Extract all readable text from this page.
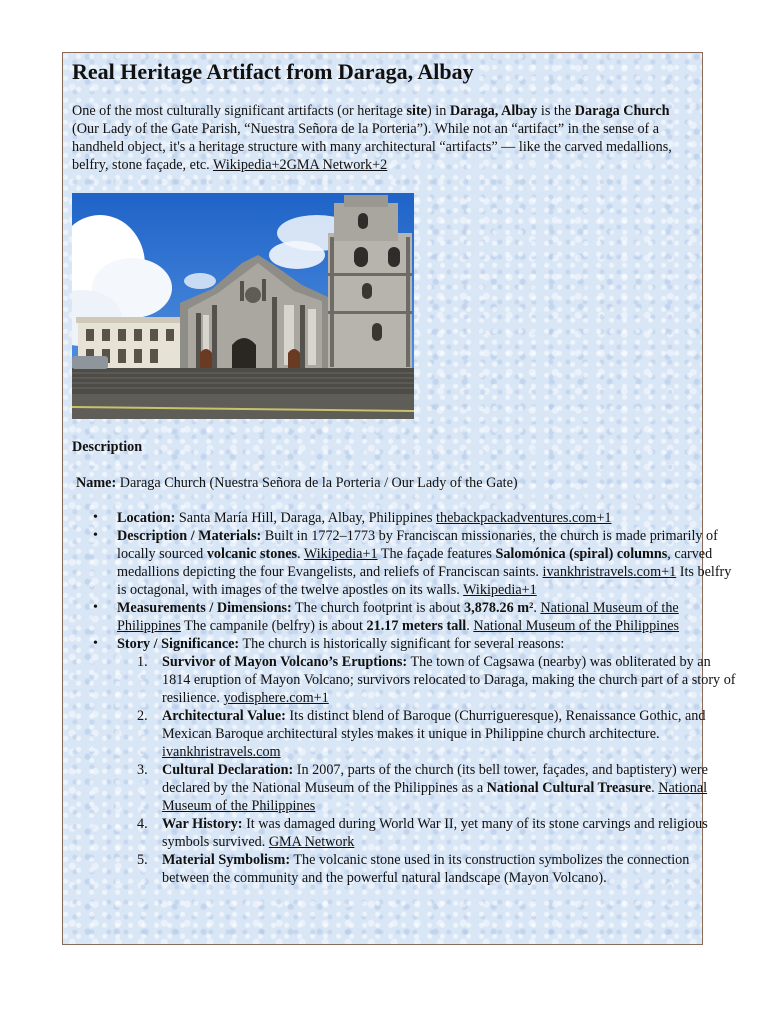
Real Heritage Artifact from Daraga, Albay

One of the most culturally significant artifacts (or heritage site) in Daraga, Albay is the Daraga Church (Our Lady of the Gate Parish, “Nuestra Señora de la Porteria”). While not an “artifact” in the sense of a handheld object, it's a heritage structure with many architectural “artifacts” — like the carved medallions, belfry, stone façade, etc. Wikipedia+2GMA Network+2

Description

Name: Daraga Church (Nuestra Señora de la Porteria / Our Lady of the Gate)

• Location: Santa María Hill, Daraga, Albay, Philippines thebackpackadventures.com+1
• Description / Materials: Built in 1772–1773 by Franciscan missionaries, the church is made primarily of locally sourced volcanic stones. Wikipedia+1 The façade features Salomónica (spiral) columns, carved medallions depicting the four Evangelists, and reliefs of Franciscan saints. ivankhristravels.com+1 Its belfry is octagonal, with images of the twelve apostles on its walls. Wikipedia+1
• Measurements / Dimensions: The church footprint is about 3,878.26 m². National Museum of the Philippines The campanile (belfry) is about 21.17 meters tall. National Museum of the Philippines
• Story / Significance: The church is historically significant for several reasons:
1. Survivor of Mayon Volcano’s Eruptions: The town of Cagsawa (nearby) was obliterated by an 1814 eruption of Mayon Volcano; survivors relocated to Daraga, making the church part of a story of resilience. yodisphere.com+1
2. Architectural Value: Its distinct blend of Baroque (Churrigueresque), Renaissance Gothic, and Mexican Baroque architectural styles makes it unique in Philippine church architecture. ivankhristravels.com
3. Cultural Declaration: In 2007, parts of the church (its bell tower, façades, and baptistery) were declared by the National Museum of the Philippines as a National Cultural Treasure. National Museum of the Philippines
4. War History: It was damaged during World War II, yet many of its stone carvings and religious symbols survived. GMA Network
5. Material Symbolism: The volcanic stone used in its construction symbolizes the connection between the community and the powerful natural landscape (Mayon Volcano).
